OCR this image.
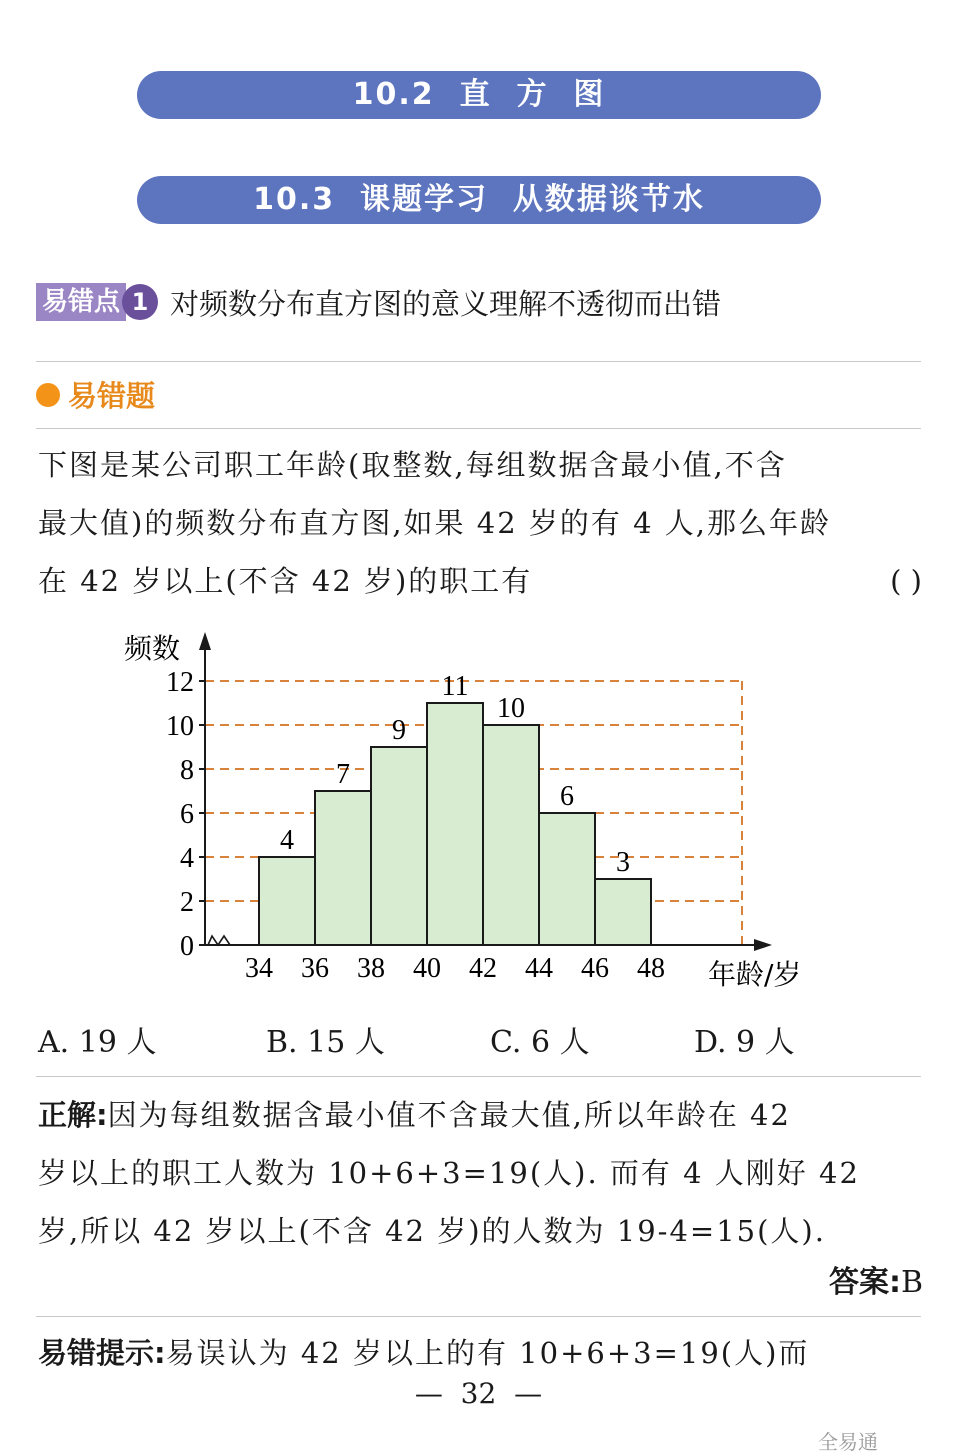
10.2  直  方  图
10.3  课题学习  从数据谈节水
易错点 1 对频数分布直方图的意义理解不透彻而出错
易错题
下图是某公司职工年龄(取整数,每组数据含最小值,不含
最大值)的频数分布直方图,如果 42 岁的有 4 人,那么年龄
在 42 岁以上(不含 42 岁)的职工有	( )
0
2
4
6
8
10
12
34 36 38 40 42 44 46 48
4
7
9
11
10
6
3
频数
年龄/岁
A. 19 人	B. 15 人	C. 6 人	D. 9 人
正解:因为每组数据含最小值不含最大值,所以年龄在 42
岁以上的职工人数为 10+6+3=19(人). 而有 4 人刚好 42
岁,所以 42 岁以上(不含 42 岁)的人数为 19-4=15(人).
答案:B
易错提示:易误认为 42 岁以上的有 10+6+3=19(人)而
—  32  —
全易通
